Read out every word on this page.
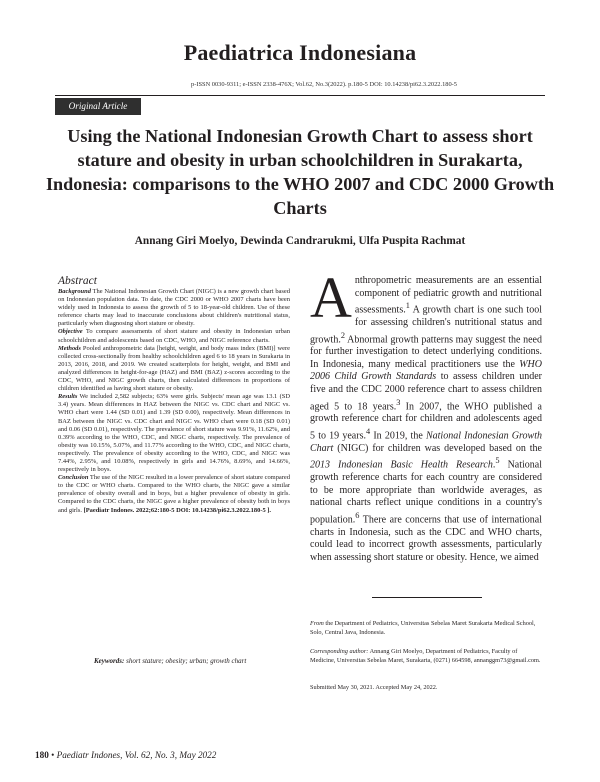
Paediatrica Indonesiana
p-ISSN 0030-9311; e-ISSN 2338-476X; Vol.62, No.3(2022). p.180-5 DOI: 10.14238/pi62.3.2022.180-5
Original Article
Using the National Indonesian Growth Chart to assess short stature and obesity in urban schoolchildren in Surakarta, Indonesia: comparisons to the WHO 2007 and CDC 2000 Growth Charts
Annang Giri Moelyo, Dewinda Candrarukmi, Ulfa Puspita Rachmat
Abstract

Background The National Indonesian Growth Chart (NIGC) is a new growth chart based on Indonesian population data. To date, the CDC 2000 or WHO 2007 charts have been widely used in Indonesia to assess the growth of 5 to 18-year-old children. Use of these reference charts may lead to inaccurate conclusions about children's nutritional status, particularly when diagnosing short stature or obesity.
Objective To compare assessments of short stature and obesity in Indonesian urban schoolchildren and adolescents based on CDC, WHO, and NIGC reference charts.
Methods Pooled anthropometric data [height, weight, and body mass index (BMI)] were collected cross-sectionally from healthy schoolchildren aged 6 to 18 years in Surakarta in 2013, 2016, 2018, and 2019. We created scatterplots for height, weight, and BMI and analyzed differences in height-for-age (HAZ) and BMI (BAZ) z-scores according to the CDC, WHO, and NIGC growth charts, then calculated differences in proportions of children identified as having short stature or obesity.
Results We included 2,582 subjects; 63% were girls. Subjects' mean age was 13.1 (SD 3.4) years. Mean differences in HAZ between the NIGC vs. CDC chart and NIGC vs. WHO chart were 1.44 (SD 0.01) and 1.39 (SD 0.00), respectively. Mean differences in BAZ between the NIGC vs. CDC chart and NIGC vs. WHO chart were 0.18 (SD 0.01) and 0.06 (SD 0.01), respectively. The prevalence of short stature was 9.91%, 11.62%, and 0.39% according to the WHO, CDC, and NIGC charts, respectively. The prevalence of obesity was 10.15%, 5.07%, and 11.77% according to the WHO, CDC, and NIGC charts, respectively. The prevalence of obesity according to the WHO, CDC, and NIGC was 7.44%, 2.95%, and 10.08%, respectively in girls and 14.76%, 8.69%, and 14.66%, respectively in boys.
Conclusion The use of the NIGC resulted in a lower prevalence of short stature compared to the CDC or WHO charts. Compared to the WHO charts, the NIGC gave a similar prevalence of obesity overall and in boys, but a higher prevalence of obesity in girls. Compared to the CDC charts, the NIGC gave a higher prevalence of obesity both in boys and girls. [Paediatr Indones. 2022;62:180-5 DOI: 10.14238/pi62.3.2022.180-5 ].

Keywords: short stature; obesity; urban; growth chart

Anthropometric measurements are an essential component of pediatric growth and nutritional assessments.$^1$ A growth chart is one such tool for assessing children's nutritional status and growth.$^2$ Abnormal growth patterns may suggest the need for further investigation to detect underlying conditions. In Indonesia, many medical practitioners use the WHO 2006 Child Growth Standards to assess children under five and the CDC 2000 reference chart to assess children aged 5 to 18 years.$^3$ In 2007, the WHO published a growth reference chart for children and adolescents aged 5 to 19 years.$^4$ In 2019, the National Indonesian Growth Chart (NIGC) for children was developed based on the 2013 Indonesian Basic Health Research.$^5$ National growth reference charts for each country are considered to be more appropriate than worldwide averages, as national charts reflect unique conditions in a country's population.$^6$ There are concerns that use of international charts in Indonesia, such as the CDC and WHO charts, could lead to incorrect growth assessments, particularly when assessing short stature or obesity. Hence, we aimed

From the Department of Pediatrics, Universitas Sebelas Maret Surakarta Medical School, Solo, Central Java, Indonesia.
Corresponding author: Annang Giri Moelyo, Department of Pediatrics, Faculty of Medicine, Universitas Sebelas Maret, Surakarta, (0271) 664598, annanggm73@gmail.com.
Submitted May 30, 2021. Accepted May 24, 2022.
180 • Paediatr Indones, Vol. 62, No. 3, May 2022
